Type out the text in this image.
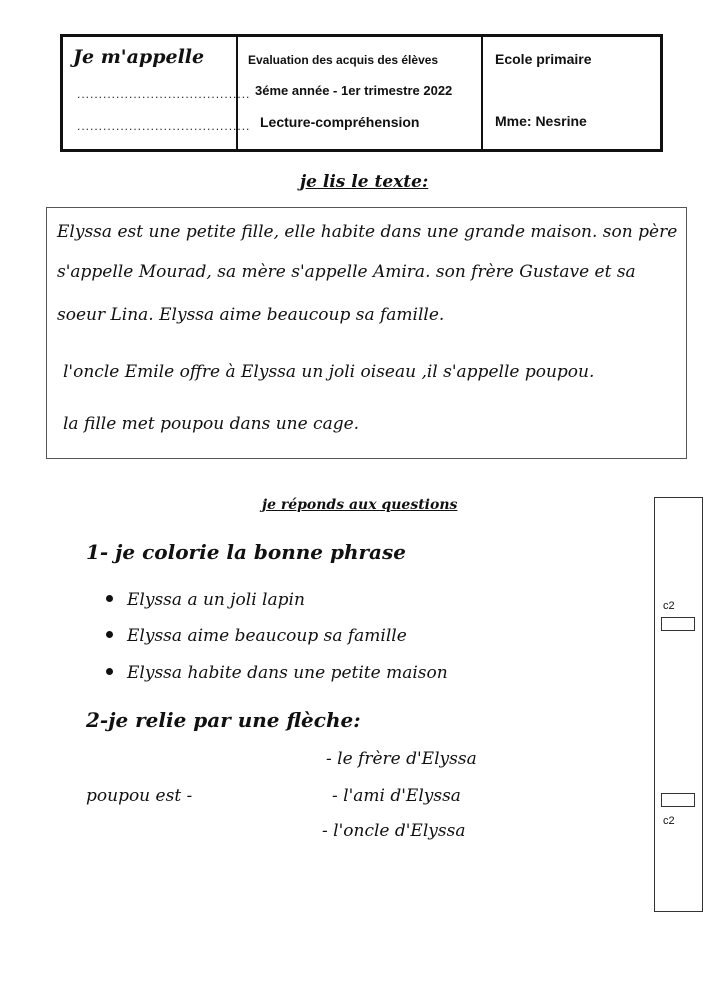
Je m'appelle
........................................
........................................
Evaluation des acquis des élèves
3éme année - 1er trimestre 2022
Lecture-compréhension
Ecole primaire
Mme: Nesrine
je lis le texte:
Elyssa est une petite fille, elle habite dans une grande maison. son père
s'appelle Mourad, sa mère s'appelle Amira. son frère Gustave et sa
soeur Lina. Elyssa aime beaucoup sa famille.
l'oncle Emile offre à Elyssa un joli oiseau ,il s'appelle poupou.
la fille met poupou dans une cage.
je réponds aux questions
1- je colorie la bonne phrase
Elyssa a un joli lapin
Elyssa aime beaucoup sa famille
Elyssa habite dans une petite maison
2-je relie par une flèche:
poupou est -
- le frère d'Elyssa
- l'ami d'Elyssa
- l'oncle d'Elyssa
c2
c2
